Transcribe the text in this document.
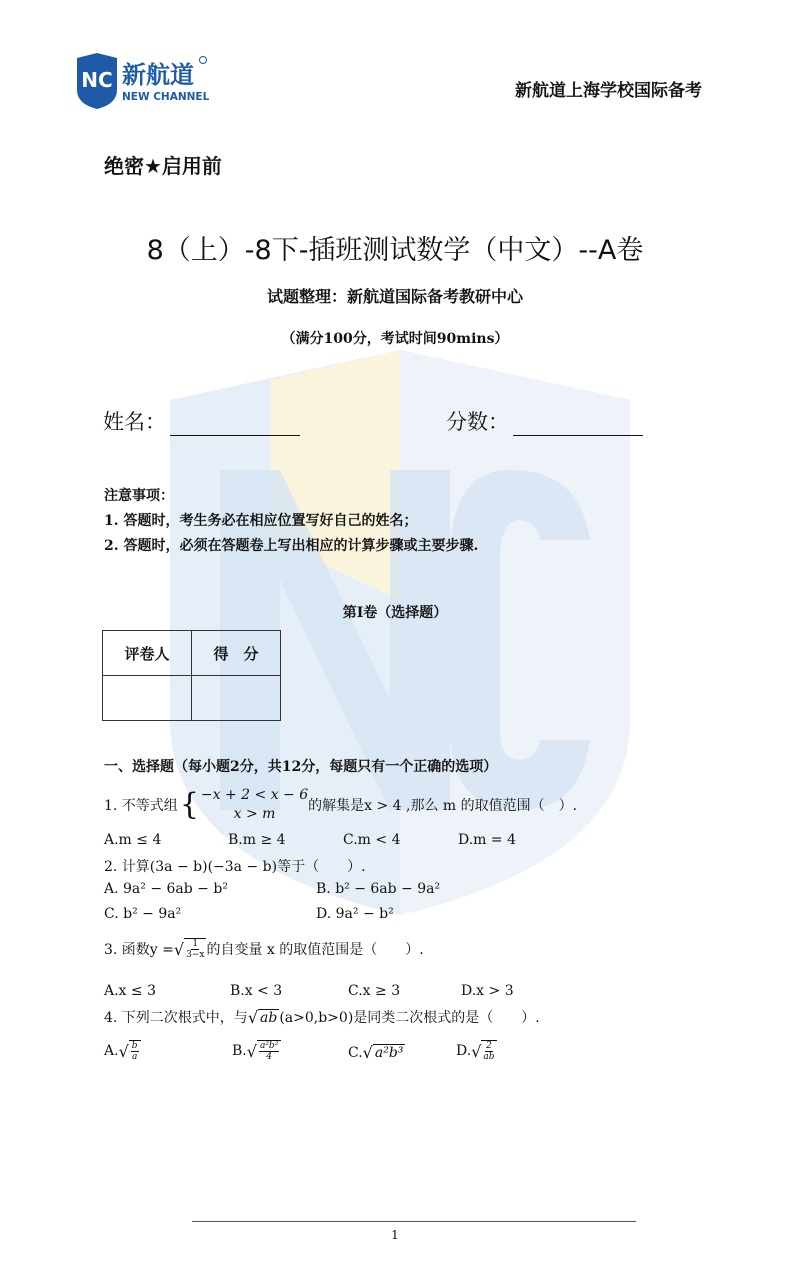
NC 新航道
NEW CHANNEL	新航道上海学校国际备考
绝密★启用前
8（上）-8下-插班测试数学（中文）--A卷
试题整理：新航道国际备考教研中心
（满分100分，考试时间90mins）
姓名：	分数：
注意事项：
1. 答题时，考生务必在相应位置写好自己的姓名；
2. 答题时，必须在答题卷上写出相应的计算步骤或主要步骤.
第Ⅰ卷（选择题）
评卷人	得　分

一、选择题（每小题2分，共12分，每题只有一个正确的选项）
1. 不等式组 { −x + 2 < x − 6
x > m 的解集是x > 4 ,那么 m 的取值范围（　）.
A.m ≤ 4	B.m ≥ 4	C.m < 4	D.m = 4
2. 计算(3a − b)(−3a − b)等于（　　）.
A. 9a² − 6ab − b²	B. b² − 6ab − 9a²
C. b² − 9a²	D. 9a² − b²
3. 函数y = √ $\frac{1}{3-x}$ 的自变量 x 的取值范围是（　　）.
A.x ≤ 3	B.x < 3	C.x ≥ 3	D.x > 3
4. 下列二次根式中，与 √ ab (a>0,b>0)是同类二次根式的是（　　）.
A. √ $\frac{b}{a}$	B. √ $\frac{\text{a²b²}}{4}$	C. √ a²b³	D. √ $\frac{2}{ab}$
1
